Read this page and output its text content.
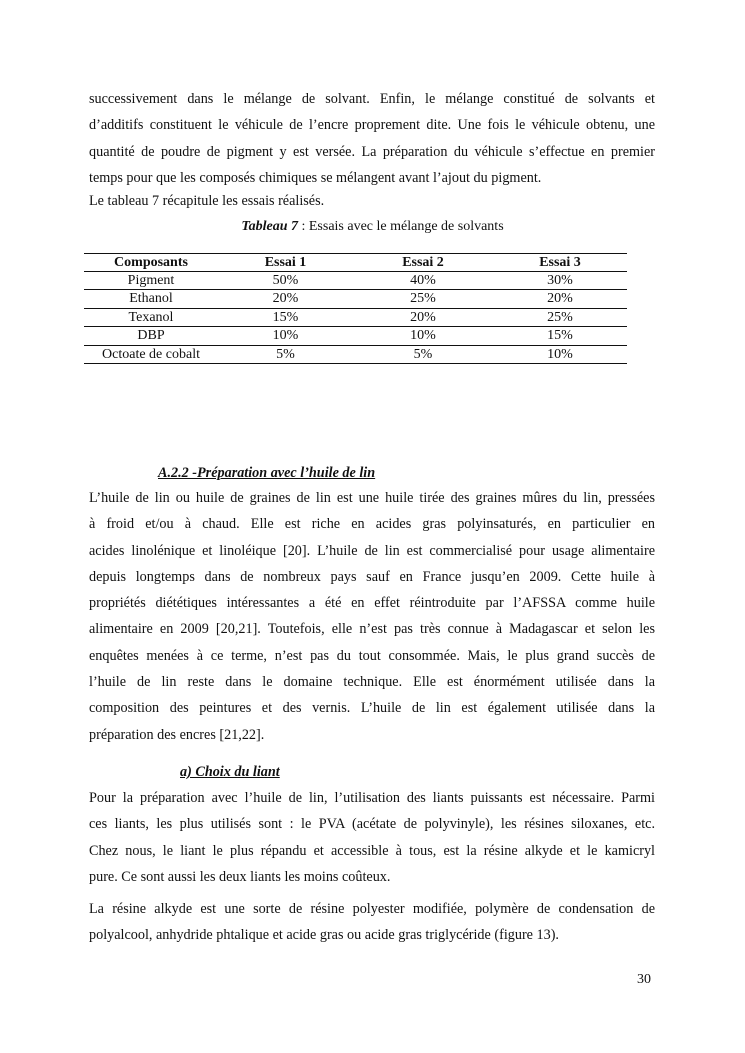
successivement dans le mélange de solvant. Enfin, le mélange constitué de solvants et
d’additifs constituent le véhicule de l’encre proprement dite. Une fois le véhicule obtenu, une
quantité de poudre de pigment y est versée. La préparation du véhicule s’effectue en premier
temps pour que les composés chimiques se mélangent avant l’ajout du pigment.
Le tableau 7 récapitule les essais réalisés.
Tableau 7 : Essais avec le mélange de solvants
Composants	Essai 1	Essai 2	Essai 3
Pigment	50%	40%	30%
Ethanol	20%	25%	20%
Texanol	15%	20%	25%
DBP	10%	10%	15%
Octoate de cobalt	5%	5%	10%
A.2.2 -Préparation avec l’huile de lin
L’huile de lin ou huile de graines de lin est une huile tirée des graines mûres du lin, pressées
à froid et/ou à chaud. Elle est riche en acides gras polyinsaturés, en particulier en
acides linolénique et linoléique [20]. L’huile de lin est commercialisé pour usage alimentaire
depuis longtemps dans de nombreux pays sauf en France jusqu’en 2009. Cette huile à
propriétés diététiques intéressantes a été en effet réintroduite par l’AFSSA comme huile
alimentaire en 2009 [20,21]. Toutefois, elle n’est pas très connue à Madagascar et selon les
enquêtes menées à ce terme, n’est pas du tout consommée. Mais, le plus grand succès de
l’huile de lin reste dans le domaine technique. Elle est énormément utilisée dans la
composition des peintures et des vernis. L’huile de lin est également utilisée dans la
préparation des encres [21,22].
a) Choix du liant
Pour la préparation avec l’huile de lin, l’utilisation des liants puissants est nécessaire. Parmi
ces liants, les plus utilisés sont : le PVA (acétate de polyvinyle), les résines siloxanes, etc.
Chez nous, le liant le plus répandu et accessible à tous, est la résine alkyde et le kamicryl
pure. Ce sont aussi les deux liants les moins coûteux.
La résine alkyde est une sorte de résine polyester modifiée, polymère de condensation de
polyalcool, anhydride phtalique et acide gras ou acide gras triglycéride (figure 13).
30
